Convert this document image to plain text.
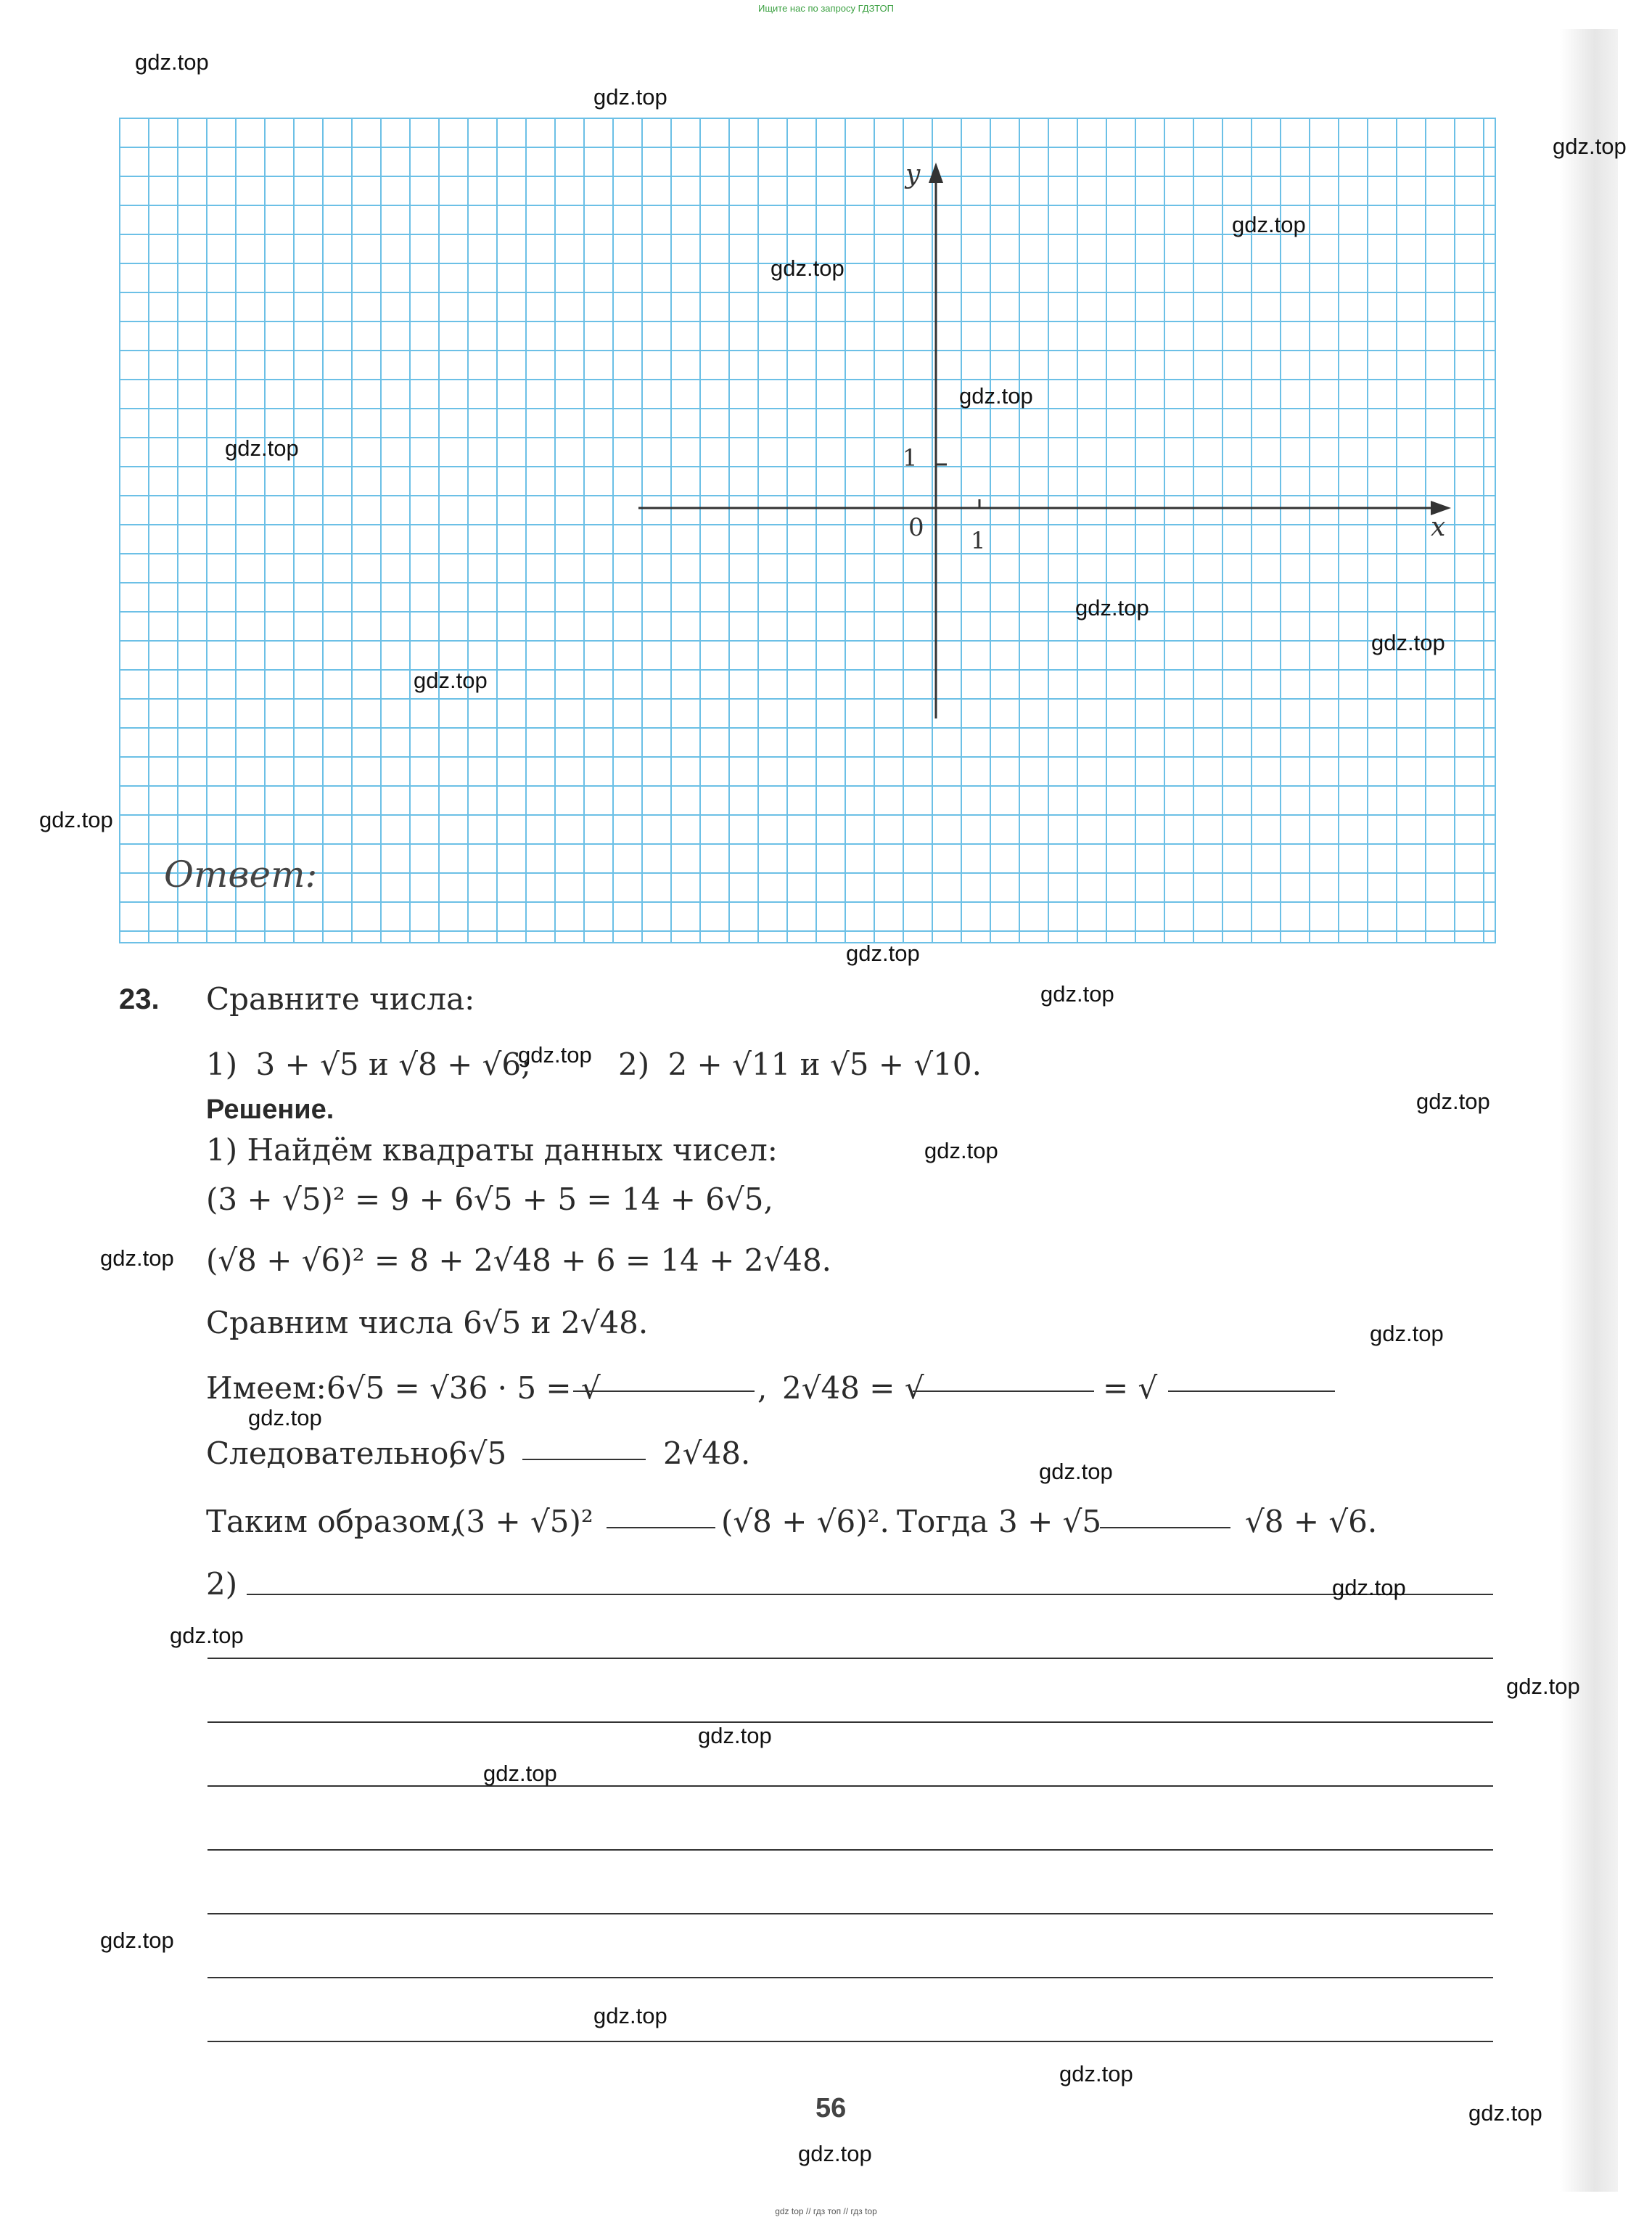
Ищите нас по запросу ГДЗТОП
y
x
0 1
1
Ответ:
23. Сравните числа:
1) 3 + √5 и √8 + √6;	2) 2 + √11 и √5 + √10.
Решение.
1) Найдём квадраты данных чисел:
(3 + √5)² = 9 + 6√5 + 5 = 14 + 6√5,
(√8 + √6)² = 8 + 2√48 + 6 = 14 + 2√48.
Сравним числа 6√5 и 2√48.
Имеем: 6√5 = √36 · 5 = √	, 2√48 = √	= √
Следовательно,
6√5	2√48.
Таким образом,
(3 + √5)²	(√8 + √6)². Тогда 3 + √5	√8 + √6.
2)
56
gdz.top
gdz.top
gdz.top
gdz.top
gdz.top
gdz.top
gdz.top
gdz.top
gdz.top
gdz.top
gdz.top
gdz.top
gdz.top
gdz.top
gdz.top
gdz.top
gdz.top
gdz.top
gdz.top
gdz.top
gdz.top
gdz.top
gdz.top
gdz.top
gdz.top
gdz.top
gdz.top
gdz.top
gdz.top
gdz.top
gdz top // гдз топ // гдз top
